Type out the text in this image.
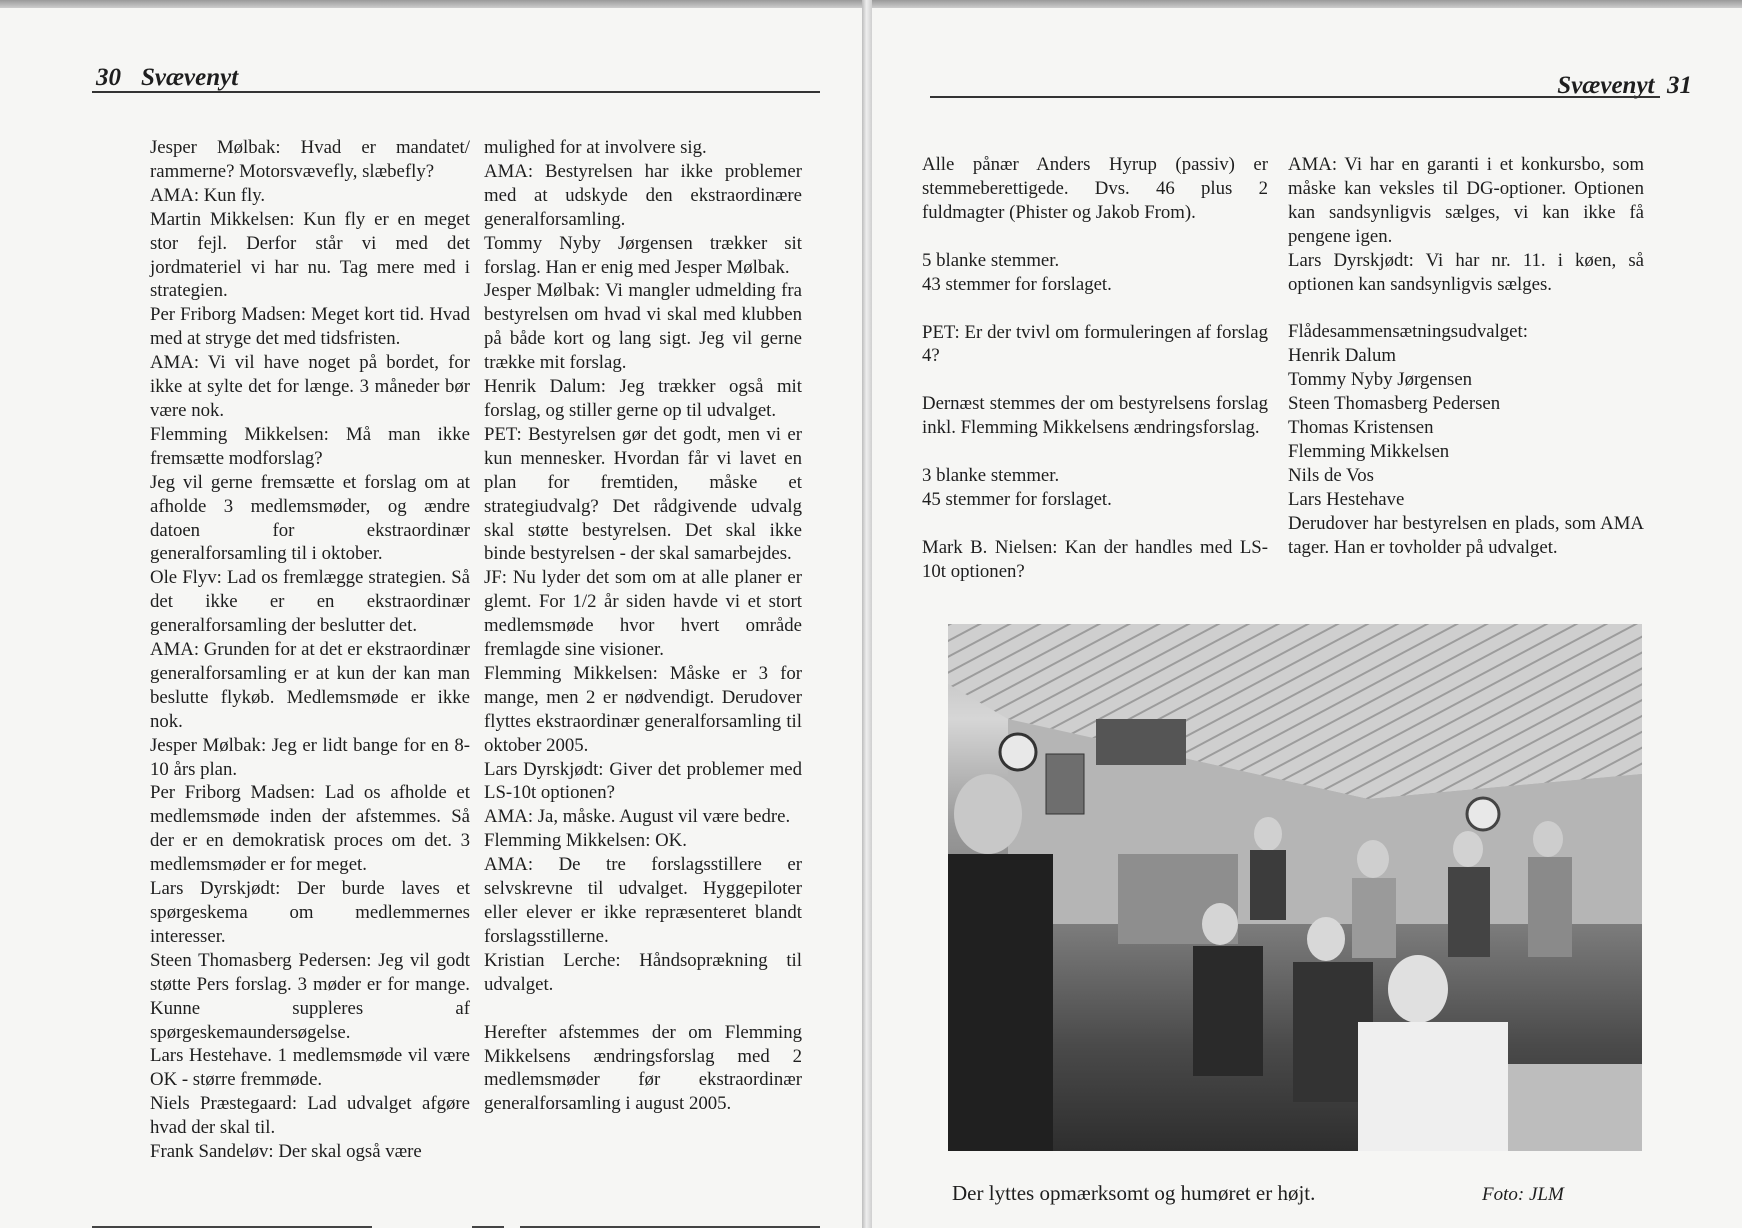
30 Svævenyt

Jesper Mølbak: Hvad er mandatet/ rammerne? Motorsvævefly, slæbefly?

AMA: Kun fly.

Martin Mikkelsen: Kun fly er en meget stor fejl. Derfor står vi med det jordmateriel vi har nu. Tag mere med i strategien.

Per Friborg Madsen: Meget kort tid. Hvad med at stryge det med tidsfristen.

AMA: Vi vil have noget på bordet, for ikke at sylte det for længe. 3 måneder bør være nok.

Flemming Mikkelsen: Må man ikke fremsætte modforslag?

Jeg vil gerne fremsætte et forslag om at afholde 3 medlemsmøder, og ændre datoen for ekstraordinær generalforsamling til i oktober.

Ole Flyv: Lad os fremlægge strategien. Så det ikke er en ekstraordinær generalforsamling der beslutter det.

AMA: Grunden for at det er ekstraordinær generalforsamling er at kun der kan man beslutte flykøb. Medlemsmøde er ikke nok.

Jesper Mølbak: Jeg er lidt bange for en 8-10 års plan.

Per Friborg Madsen: Lad os afholde et medlemsmøde inden der afstemmes. Så der er en demokratisk proces om det. 3 medlemsmøder er for meget.

Lars Dyrskjødt: Der burde laves et spørgeskema om medlemmernes interesser.

Steen Thomasberg Pedersen: Jeg vil godt støtte Pers forslag. 3 møder er for mange. Kunne suppleres af spørgeskemaundersøgelse.

Lars Hestehave. 1 medlemsmøde vil være OK - større fremmøde.

Niels Præstegaard: Lad udvalget afgøre hvad der skal til.

Frank Sandeløv: Der skal også være

mulighed for at involvere sig.

AMA: Bestyrelsen har ikke problemer med at udskyde den ekstraordinære generalforsamling.

Tommy Nyby Jørgensen trækker sit forslag. Han er enig med Jesper Mølbak.

Jesper Mølbak: Vi mangler udmelding fra bestyrelsen om hvad vi skal med klubben på både kort og lang sigt. Jeg vil gerne trække mit forslag.

Henrik Dalum: Jeg trækker også mit forslag, og stiller gerne op til udvalget.

PET: Bestyrelsen gør det godt, men vi er kun mennesker. Hvordan får vi lavet en plan for fremtiden, måske et strategiudvalg? Det rådgivende udvalg skal støtte bestyrelsen. Det skal ikke binde bestyrelsen - der skal samarbejdes.

JF: Nu lyder det som om at alle planer er glemt. For 1/2 år siden havde vi et stort medlemsmøde hvor hvert område fremlagde sine visioner.

Flemming Mikkelsen: Måske er 3 for mange, men 2 er nødvendigt. Derudover flyttes ekstraordinær generalforsamling til oktober 2005.

Lars Dyrskjødt: Giver det problemer med LS-10t optionen?

AMA: Ja, måske. August vil være bedre.

Flemming Mikkelsen: OK.

AMA: De tre forslagsstillere er selvskrevne til udvalget. Hyggepiloter eller elever er ikke repræsenteret blandt forslagsstillerne.

Kristian Lerche: Håndsoprækning til udvalget.

Herefter afstemmes der om Flemming Mikkelsens ændringsforslag med 2 medlemsmøder før ekstraordinær generalforsamling i august 2005.

Svævenyt 31

Alle pånær Anders Hyrup (passiv) er stemmeberettigede. Dvs. 46 plus 2 fuldmagter (Phister og Jakob From).

5 blanke stemmer.

43 stemmer for forslaget.

PET: Er der tvivl om formuleringen af forslag 4?

Dernæst stemmes der om bestyrelsens forslag inkl. Flemming Mikkelsens ændringsforslag.

3 blanke stemmer.

45 stemmer for forslaget.

Mark B. Nielsen: Kan der handles med LS-10t optionen?

AMA: Vi har en garanti i et konkursbo, som måske kan veksles til DG-optioner. Optionen kan sandsynligvis sælges, vi kan ikke få pengene igen.

Lars Dyrskjødt: Vi har nr. 11. i køen, så optionen kan sandsynligvis sælges.

Flådesammensætningsudvalget:

Henrik Dalum

Tommy Nyby Jørgensen

Steen Thomasberg Pedersen

Thomas Kristensen

Flemming Mikkelsen

Nils de Vos

Lars Hestehave

Derudover har bestyrelsen en plads, som AMA tager. Han er tovholder på udvalget.

Der lyttes opmærksomt og humøret er højt.	Foto: JLM
